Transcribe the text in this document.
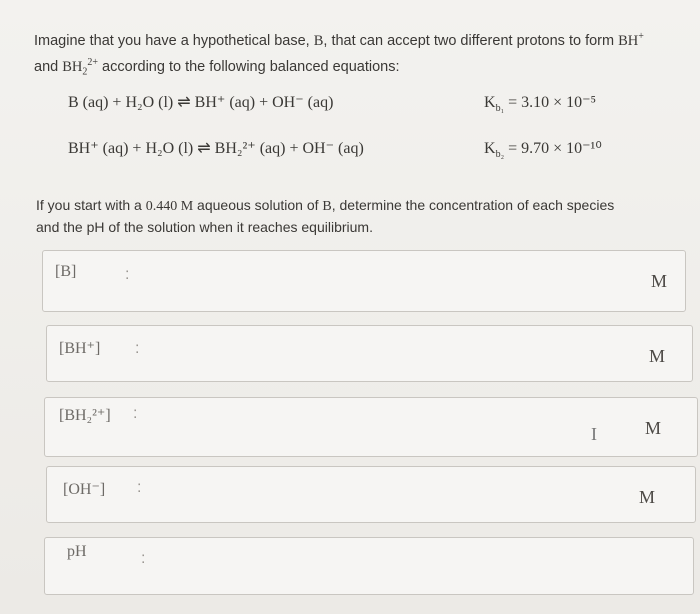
Imagine that you have a hypothetical base, B, that can accept two different protons to form BH+
and $BH_2^{2+}$ according to the following balanced equations:
B (aq) + H₂O (l) ⇌ BH⁺ (aq) + OH⁻ (aq)	$K_{b_1} = 3.10 \times 10^{-5}$
BH⁺ (aq) + H₂O (l) ⇌ BH₂²⁺ (aq) + OH⁻ (aq)	$K_{b_2} = 9.70 \times 10^{-10}$
If you start with a 0.440 M aqueous solution of B, determine the concentration of each species
and the pH of the solution when it reaches equilibrium.
[B]	:	M
[BH⁺] :	M
[BH₂²⁺] :
I	M
[OH⁻] :	M
pH	:
